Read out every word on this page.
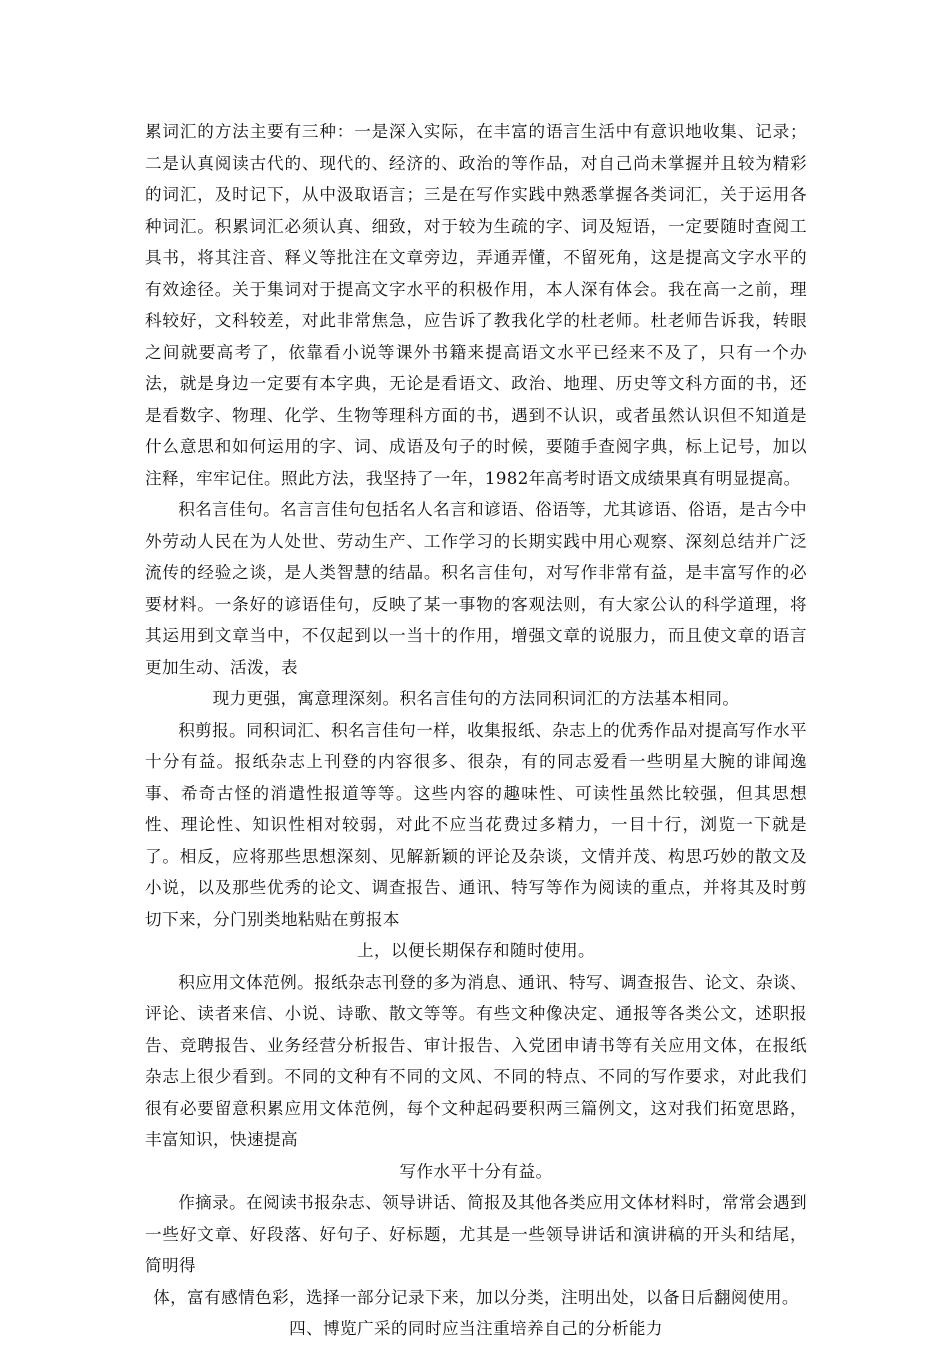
累词汇的方法主要有三种：一是深入实际，在丰富的语言生活中有意识地收集、记录；二是认真阅读古代的、现代的、经济的、政治的等作品，对自己尚未掌握并且较为精彩的词汇，及时记下，从中汲取语言；三是在写作实践中熟悉掌握各类词汇，关于运用各种词汇。积累词汇必须认真、细致，对于较为生疏的字、词及短语，一定要随时查阅工具书，将其注音、释义等批注在文章旁边，弄通弄懂，不留死角，这是提高文字水平的有效途径。关于集词对于提高文字水平的积极作用，本人深有体会。我在高一之前，理科较好，文科较差，对此非常焦急，应告诉了教我化学的杜老师。杜老师告诉我，转眼之间就要高考了，依靠看小说等课外书籍来提高语文水平已经来不及了，只有一个办法，就是身边一定要有本字典，无论是看语文、政治、地理、历史等文科方面的书，还是看数字、物理、化学、生物等理科方面的书，遇到不认识，或者虽然认识但不知道是什么意思和如何运用的字、词、成语及句子的时候，要随手查阅字典，标上记号，加以注释，牢牢记住。照此方法，我坚持了一年，1982年高考时语文成绩果真有明显提高。

积名言佳句。名言言佳句包括名人名言和谚语、俗语等，尤其谚语、俗语，是古今中外劳动人民在为人处世、劳动生产、工作学习的长期实践中用心观察、深刻总结并广泛流传的经验之谈，是人类智慧的结晶。积名言佳句，对写作非常有益，是丰富写作的必要材料。一条好的谚语佳句，反映了某一事物的客观法则，有大家公认的科学道理，将其运用到文章当中，不仅起到以一当十的作用，增强文章的说服力，而且使文章的语言更加生动、活泼，表
现力更强，寓意理深刻。积名言佳句的方法同积词汇的方法基本相同。

积剪报。同积词汇、积名言佳句一样，收集报纸、杂志上的优秀作品对提高写作水平十分有益。报纸杂志上刊登的内容很多、很杂，有的同志爱看一些明星大腕的诽闻逸事、希奇古怪的消遣性报道等等。这些内容的趣味性、可读性虽然比较强，但其思想性、理论性、知识性相对较弱，对此不应当花费过多精力，一目十行，浏览一下就是了。相反，应将那些思想深刻、见解新颖的评论及杂谈，文情并茂、构思巧妙的散文及小说，以及那些优秀的论文、调查报告、通讯、特写等作为阅读的重点，并将其及时剪切下来，分门别类地粘贴在剪报本
上，以便长期保存和随时使用。

积应用文体范例。报纸杂志刊登的多为消息、通讯、特写、调查报告、论文、杂谈、评论、读者来信、小说、诗歌、散文等等。有些文种像决定、通报等各类公文，述职报告、竞聘报告、业务经营分析报告、审计报告、入党团申请书等有关应用文体，在报纸杂志上很少看到。不同的文种有不同的文风、不同的特点、不同的写作要求，对此我们很有必要留意积累应用文体范例，每个文种起码要积两三篇例文，这对我们拓宽思路，丰富知识，快速提高
写作水平十分有益。

作摘录。在阅读书报杂志、领导讲话、简报及其他各类应用文体材料时，常常会遇到一些好文章、好段落、好句子、好标题，尤其是一些领导讲话和演讲稿的开头和结尾，简明得
体，富有感情色彩，选择一部分记录下来，加以分类，注明出处，以备日后翻阅使用。

四、博览广采的同时应当注重培养自己的分析能力
